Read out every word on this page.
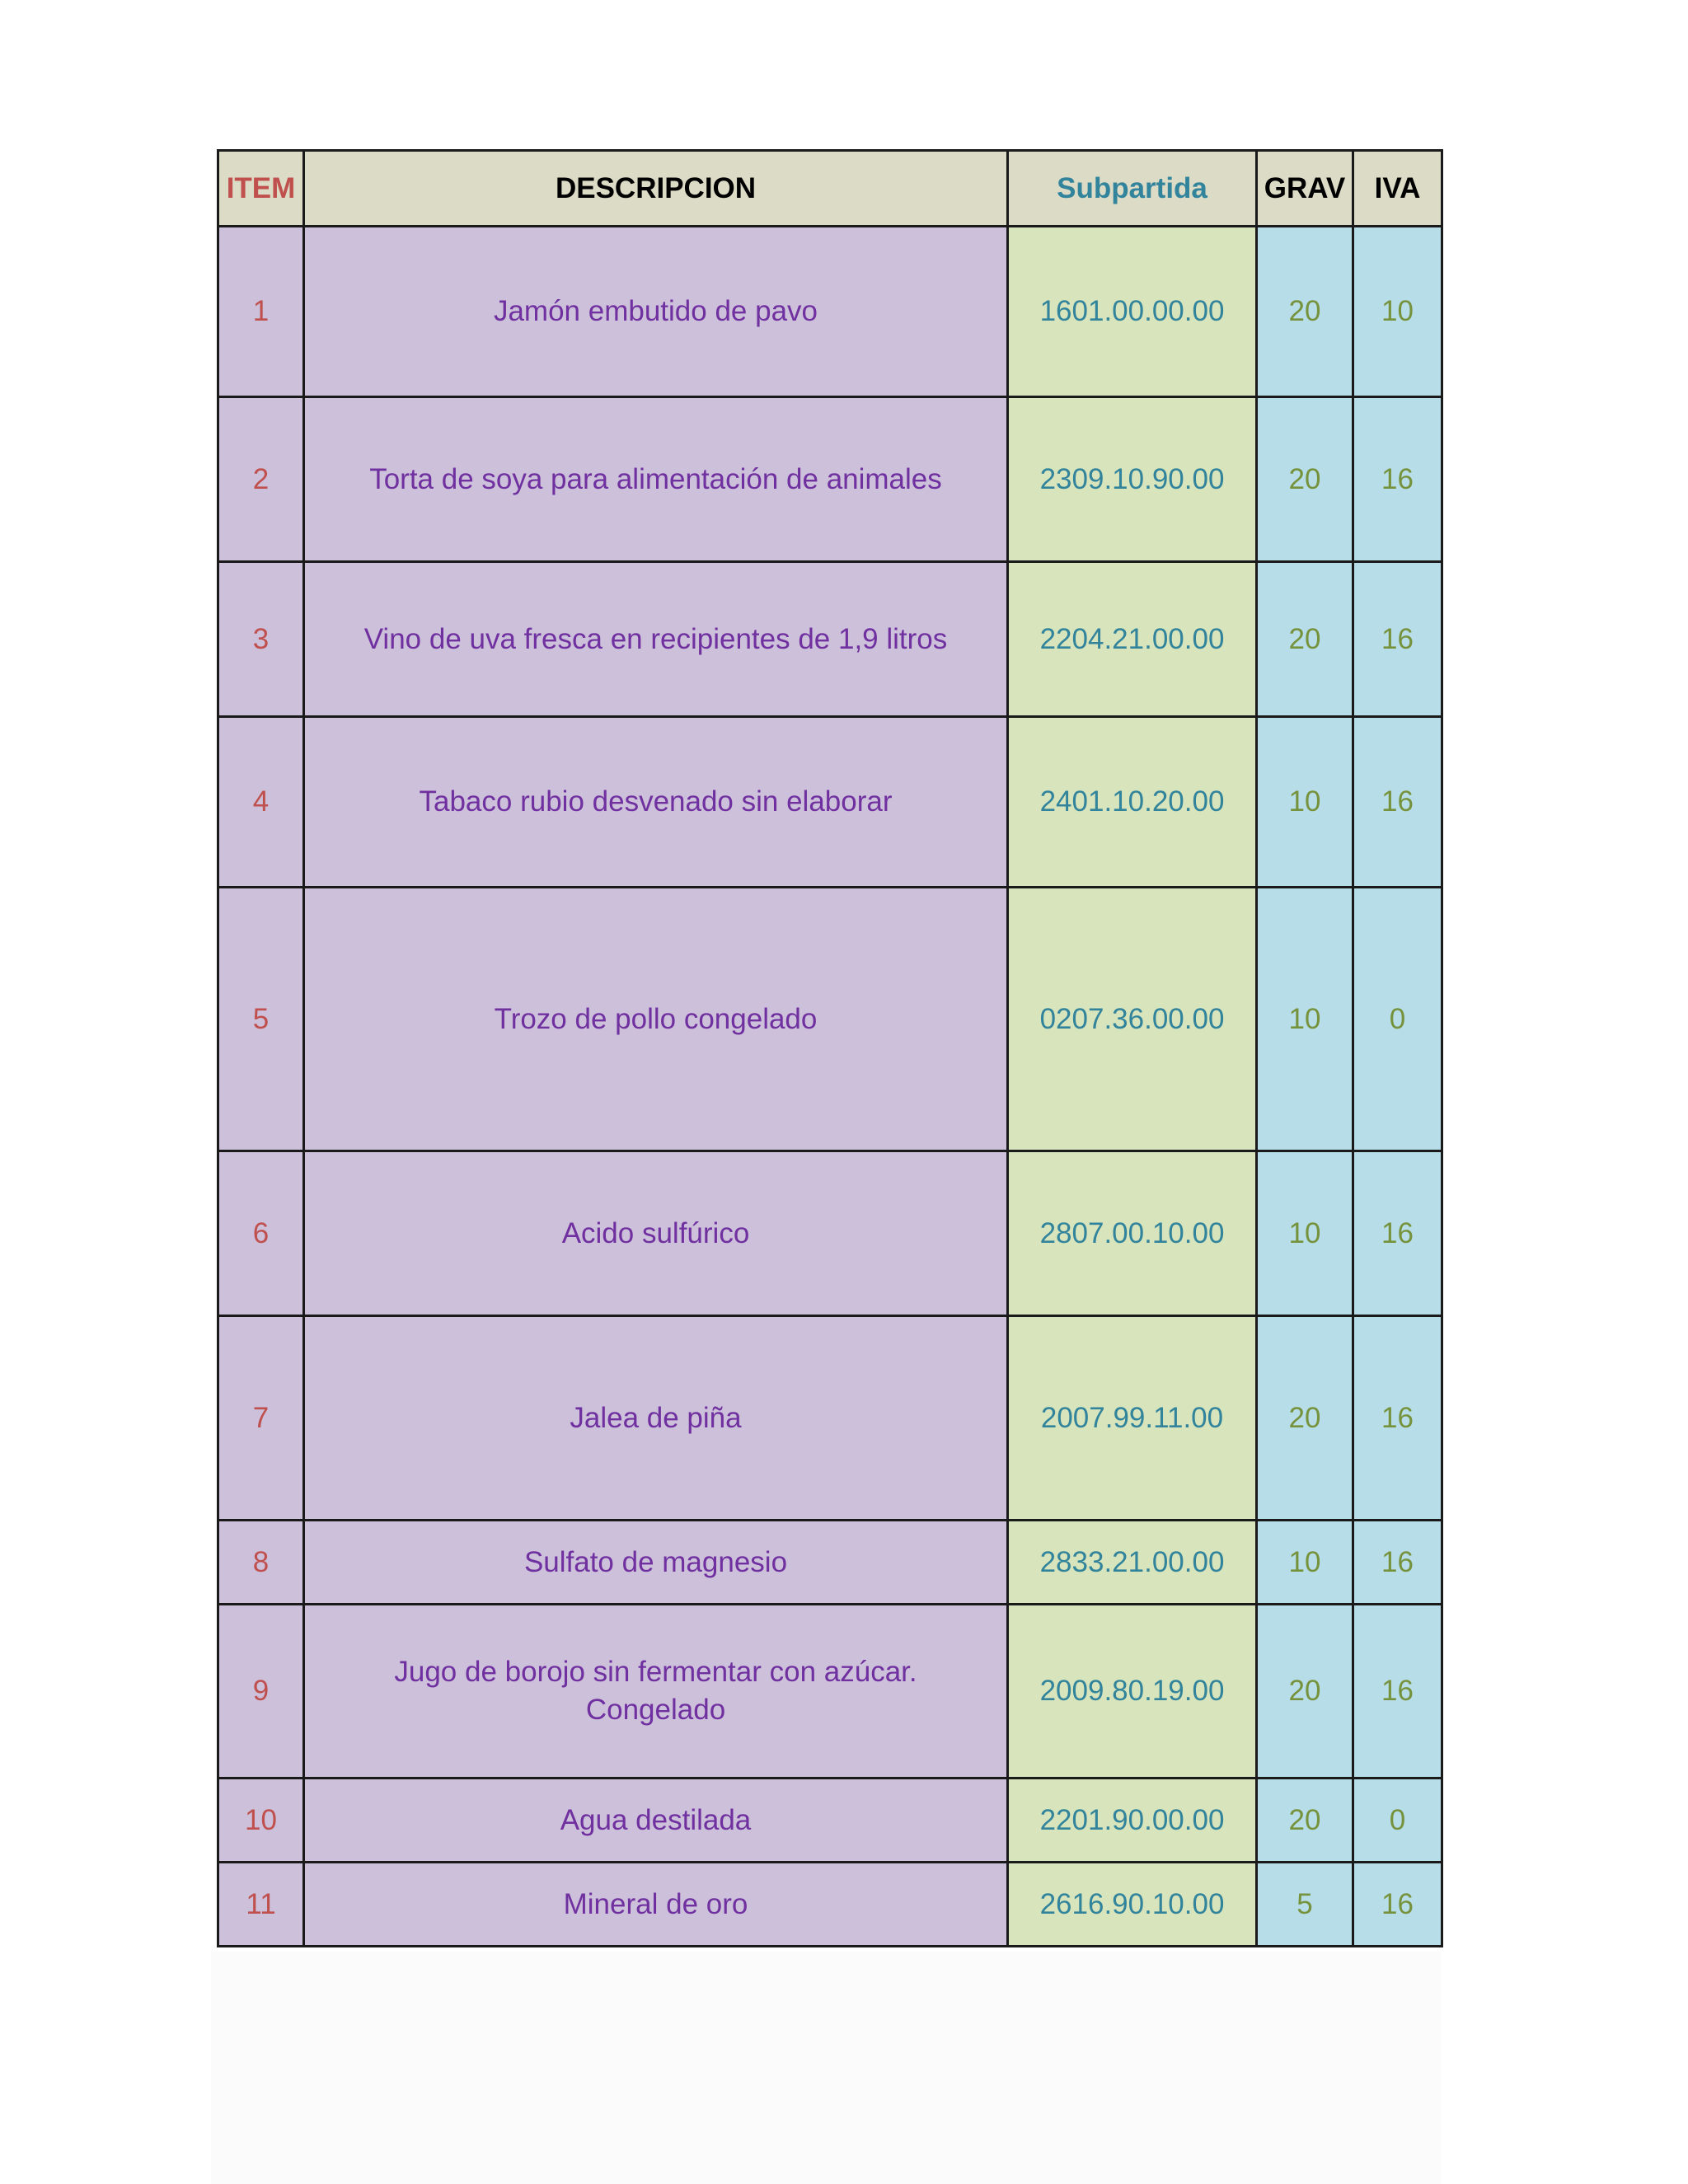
ITEM	DESCRIPCION	Subpartida	GRAV	IVA
1	Jamón embutido de pavo	1601.00.00.00	20	10
2	Torta de soya para alimentación de animales	2309.10.90.00	20	16
3	Vino de uva fresca en recipientes de 1,9 litros	2204.21.00.00	20	16
4	Tabaco rubio desvenado sin elaborar	2401.10.20.00	10	16
5	Trozo de pollo congelado	0207.36.00.00	10	0
6	Acido sulfúrico	2807.00.10.00	10	16
7	Jalea de piña	2007.99.11.00	20	16
8	Sulfato de magnesio	2833.21.00.00	10	16
9	Jugo de borojo sin fermentar con azúcar. Congelado	2009.80.19.00	20	16
10	Agua destilada	2201.90.00.00	20	0
11	Mineral de oro	2616.90.10.00	5	16
